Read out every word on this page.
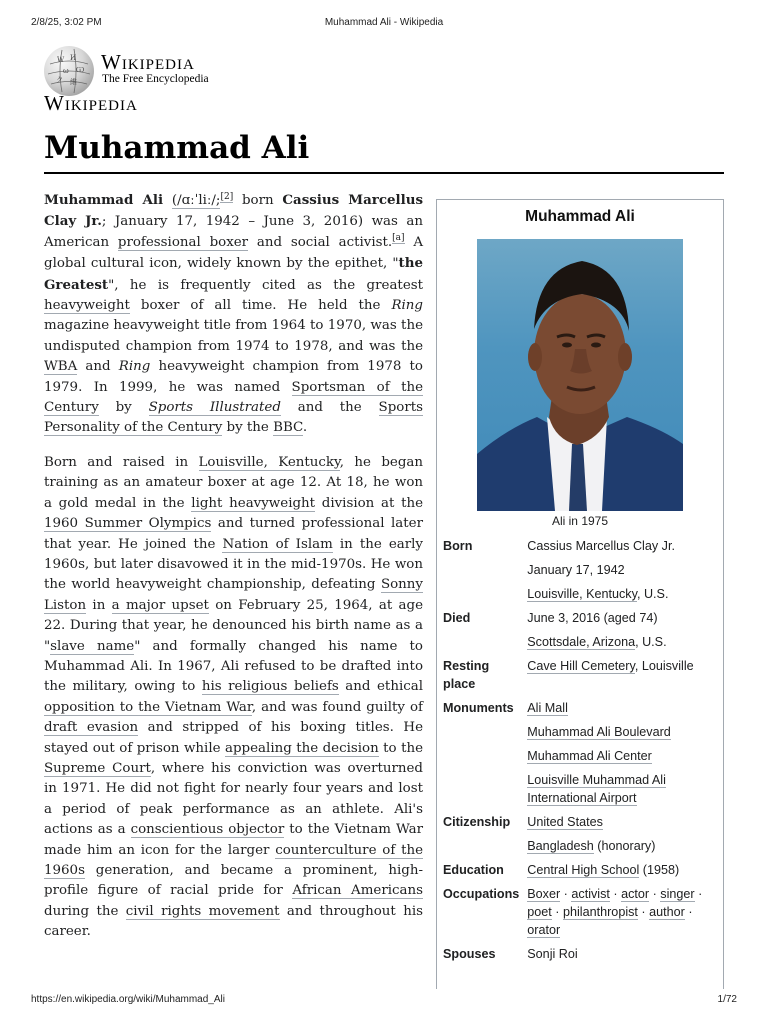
2/8/25, 3:02 PM	Muhammad Ali - Wikipedia
W И
ω Ѡ
ク 維
Wikipedia
The Free Encyclopedia
Wikipedia
Muhammad Ali

Muhammad Ali (/ɑːˈliː/;[2] born Cassius Marcellus Clay Jr.; January 17, 1942 – June 3, 2016) was an American professional boxer and social activist.[a] A global cultural icon, widely known by the epithet, "the Greatest", he is frequently cited as the greatest heavyweight boxer of all time. He held the Ring magazine heavyweight title from 1964 to 1970, was the undisputed champion from 1974 to 1978, and was the WBA and Ring heavyweight champion from 1978 to 1979. In 1999, he was named Sportsman of the Century by Sports Illustrated and the Sports Personality of the Century by the BBC.

Born and raised in Louisville, Kentucky, he began training as an amateur boxer at age 12. At 18, he won a gold medal in the light heavyweight division at the 1960 Summer Olympics and turned professional later that year. He joined the Nation of Islam in the early 1960s, but later disavowed it in the mid-1970s. He won the world heavyweight championship, defeating Sonny Liston in a major upset on February 25, 1964, at age 22. During that year, he denounced his birth name as a "slave name" and formally changed his name to Muhammad Ali. In 1967, Ali refused to be drafted into the military, owing to his religious beliefs and ethical opposition to the Vietnam War, and was found guilty of draft evasion and stripped of his boxing titles. He stayed out of prison while appealing the decision to the Supreme Court, where his conviction was overturned in 1971. He did not fight for nearly four years and lost a period of peak performance as an athlete. Ali's actions as a conscientious objector to the Vietnam War made him an icon for the larger counterculture of the 1960s generation, and became a prominent, high-profile figure of racial pride for African Americans during the civil rights movement and throughout his career.

Muhammad Ali
Ali in 1975
Born	Cassius Marcellus Clay Jr.
January 17, 1942
Louisville, Kentucky, U.S.

Died	June 3, 2016 (aged 74)
Scottsdale, Arizona, U.S.

Resting place	Cave Hill Cemetery, Louisville
Monuments	Ali Mall
Muhammad Ali Boulevard
Muhammad Ali Center
Louisville Muhammad Ali International Airport

Citizenship	United States
Bangladesh (honorary)

Education	Central High School (1958)
Occupations	Boxer · activist · actor · singer · poet · philanthropist · author · orator
Spouses	Sonji Roi
https://en.wikipedia.org/wiki/Muhammad_Ali	1/72
